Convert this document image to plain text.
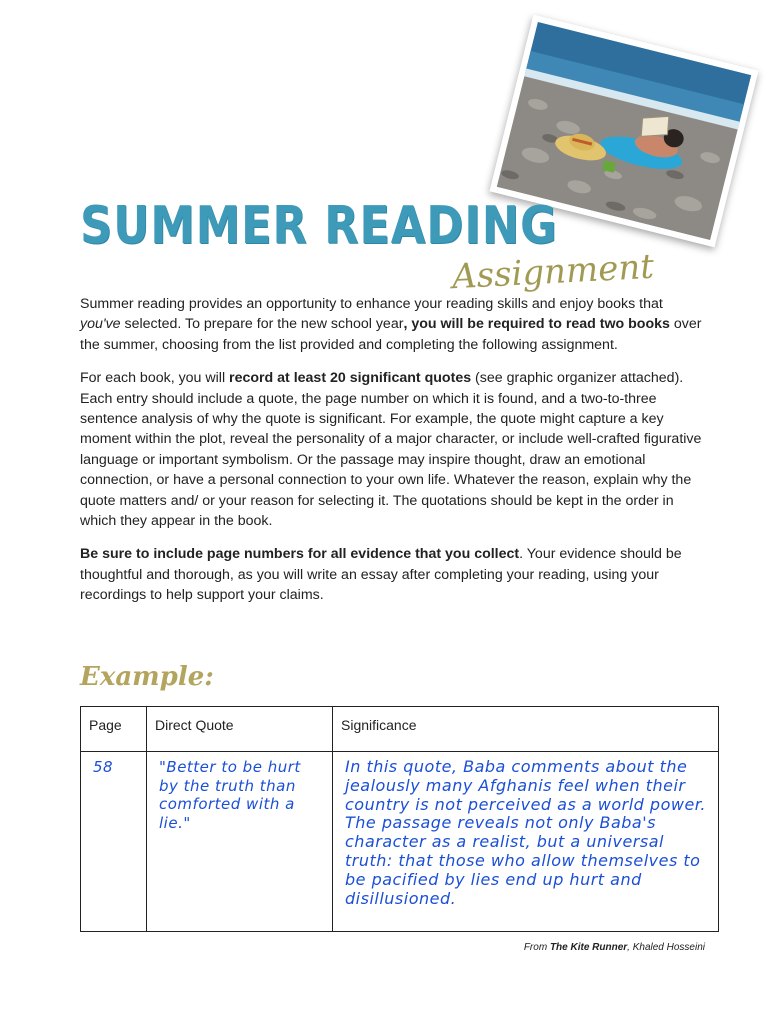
SUMMER READING
Assignment

Summer reading provides an opportunity to enhance your reading skills and enjoy books that you've selected. To prepare for the new school year, you will be required to read two books over the summer, choosing from the list provided and completing the following assignment.

For each book, you will record at least 20 significant quotes (see graphic organizer attached). Each entry should include a quote, the page number on which it is found, and a two-to-three sentence analysis of why the quote is significant. For example, the quote might capture a key moment within the plot, reveal the personality of a major character, or include well-crafted figurative language or important symbolism. Or the passage may inspire thought, draw an emotional connection, or have a personal connection to your own life. Whatever the reason, explain why the quote matters and/ or your reason for selecting it. The quotations should be kept in the order in which they appear in the book.

Be sure to include page numbers for all evidence that you collect. Your evidence should be thoughtful and thorough, as you will write an essay after completing your reading, using your recordings to help support your claims.

Example:
Page	Direct Quote	Significance
58	"Better to be hurt by the truth than comforted with a lie."	In this quote, Baba comments about the jealously many Afghanis feel when their country is not perceived as a world power. The passage reveals not only Baba's character as a realist, but a universal truth: that those who allow themselves to be pacified by lies end up hurt and disillusioned.
From The Kite Runner, Khaled Hosseini
